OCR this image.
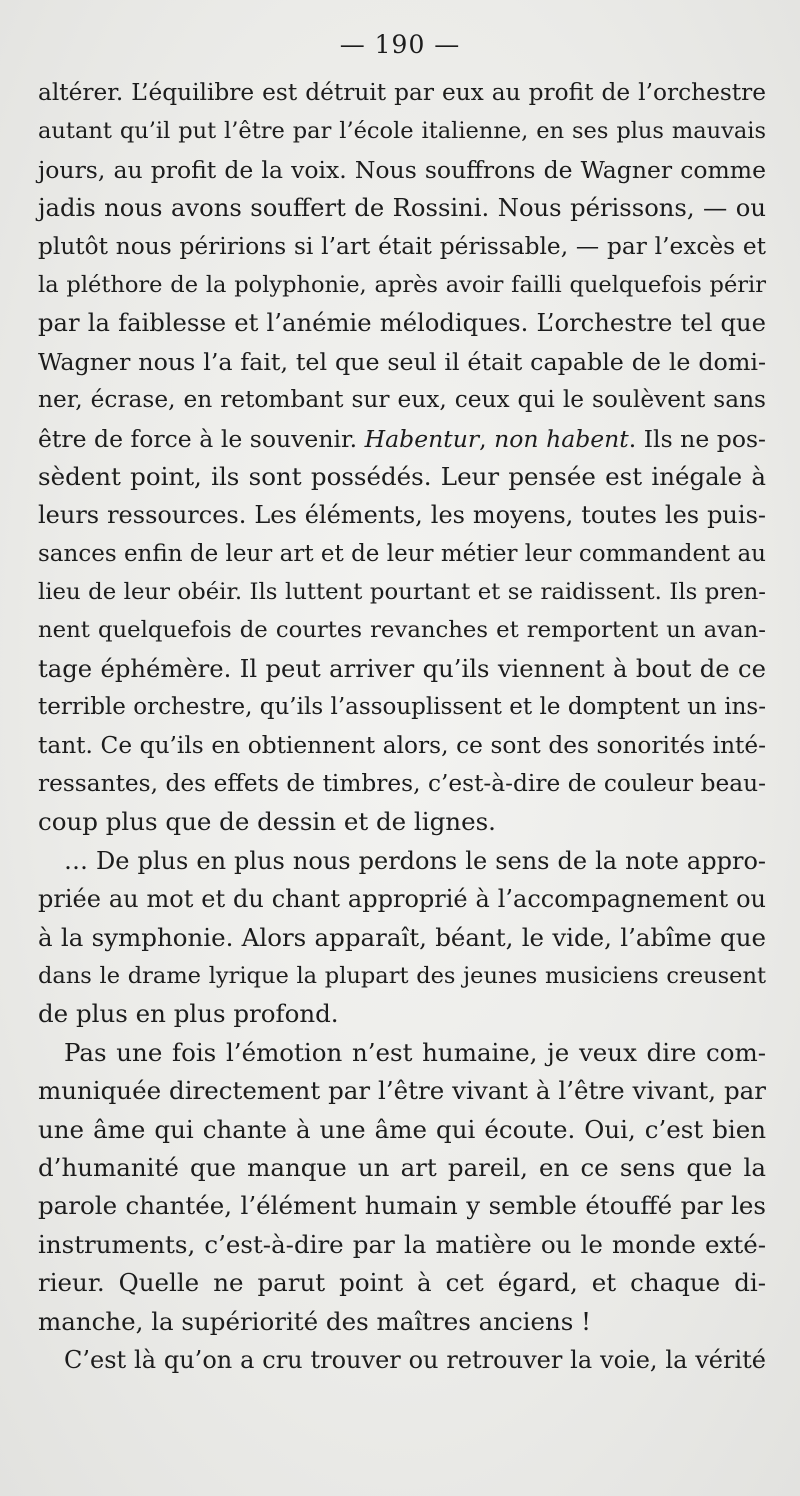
— 190 —
altérer. L’équilibre est détruit par eux au profit de l’orchestre
autant qu’il put l’être par l’école italienne, en ses plus mauvais
jours, au profit de la voix. Nous souffrons de Wagner comme
jadis nous avons souffert de Rossini. Nous périssons, — ou
plutôt nous péririons si l’art était périssable, — par l’excès et
la pléthore de la polyphonie, après avoir failli quelquefois périr
par la faiblesse et l’anémie mélodiques. L’orchestre tel que
Wagner nous l’a fait, tel que seul il était capable de le domi-
ner, écrase, en retombant sur eux, ceux qui le soulèvent sans
être de force à le souvenir. Habentur, non habent. Ils ne pos-
sèdent point, ils sont possédés. Leur pensée est inégale à
leurs ressources. Les éléments, les moyens, toutes les puis-
sances enfin de leur art et de leur métier leur commandent au
lieu de leur obéir. Ils luttent pourtant et se raidissent. Ils pren-
nent quelquefois de courtes revanches et remportent un avan-
tage éphémère. Il peut arriver qu’ils viennent à bout de ce
terrible orchestre, qu’ils l’assouplissent et le domptent un ins-
tant. Ce qu’ils en obtiennent alors, ce sont des sonorités inté-
ressantes, des effets de timbres, c’est-à-dire de couleur beau-
coup plus que de dessin et de lignes.
… De plus en plus nous perdons le sens de la note appro-
priée au mot et du chant approprié à l’accompagnement ou
à la symphonie. Alors apparaît, béant, le vide, l’abîme que
dans le drame lyrique la plupart des jeunes musiciens creusent
de plus en plus profond.
Pas une fois l’émotion n’est humaine, je veux dire com-
muniquée directement par l’être vivant à l’être vivant, par
une âme qui chante à une âme qui écoute. Oui, c’est bien
d’humanité que manque un art pareil, en ce sens que la
parole chantée, l’élément humain y semble étouffé par les
instruments, c’est-à-dire par la matière ou le monde exté-
rieur. Quelle ne parut point à cet égard, et chaque di-
manche, la supériorité des maîtres anciens !
C’est là qu’on a cru trouver ou retrouver la voie, la vérité
